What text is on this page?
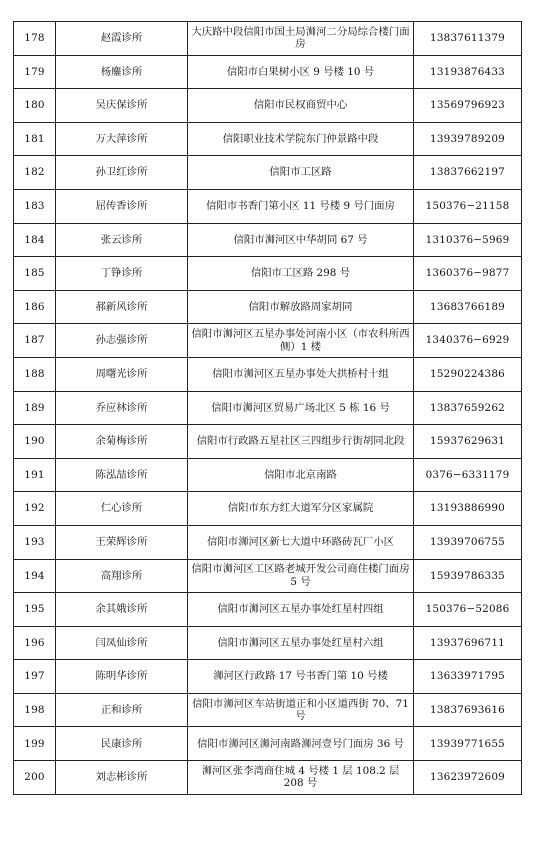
178	赵霞诊所	大庆路中段信阳市国土局浉河二分局综合楼门面房	13837611379
179	杨鏖诊所	信阳市白果树小区 9 号楼 10 号	13193876433
180	吴庆保诊所	信阳市民权商贸中心	13569796923
181	万大萍诊所	信阳职业技术学院东门仲景路中段	13939789209
182	孙卫红诊所	信阳市工区路	13837662197
183	屈传香诊所	信阳市书香门第小区 11 号楼 9 号门面房	150376−21158
184	张云诊所	信阳市浉河区中华胡同 67 号	1310376−5969
185	丁铮诊所	信阳市工区路 298 号	1360376−9877
186	郝新风诊所	信阳市解放路周家胡同	13683766189
187	孙志强诊所	信阳市浉河区五星办事处河南小区（市农科所西侧）1 楼	1340376−6929
188	周曙光诊所	信阳市浉河区五星办事处大拱桥村十组	15290224386
189	乔应林诊所	信阳市浉河区贸易广场北区 5 栋 16 号	13837659262
190	余菊梅诊所	信阳市行政路五星社区三四组步行街胡同北段	15937629631
191	陈泓喆诊所	信阳市北京南路	0376−6331179
192	仁心诊所	信阳市东方红大道军分区家属院	13193886990
193	王荣辉诊所	信阳市浉河区新七大道中环路砖瓦厂小区	13939706755
194	高翔诊所	信阳市浉河区工区路老城开发公司商住楼门面房 5 号	15939786335
195	余其娥诊所	信阳市浉河区五星办事处红星村四组	150376−52086
196	闫凤仙诊所	信阳市浉河区五星办事处红星村六组	13937696711
197	陈明华诊所	浉河区行政路 17 号书香门第 10 号楼	13633971795
198	正和诊所	信阳市浉河区车站街道正和小区道西街 70、71 号	13837693616
199	民康诊所	信阳市浉河区浉河南路浉河壹号门面房 36 号	13939771655
200	刘志彬诊所	浉河区张李湾商住城 4 号楼 1 层 108.2 层 208 号	13623972609
